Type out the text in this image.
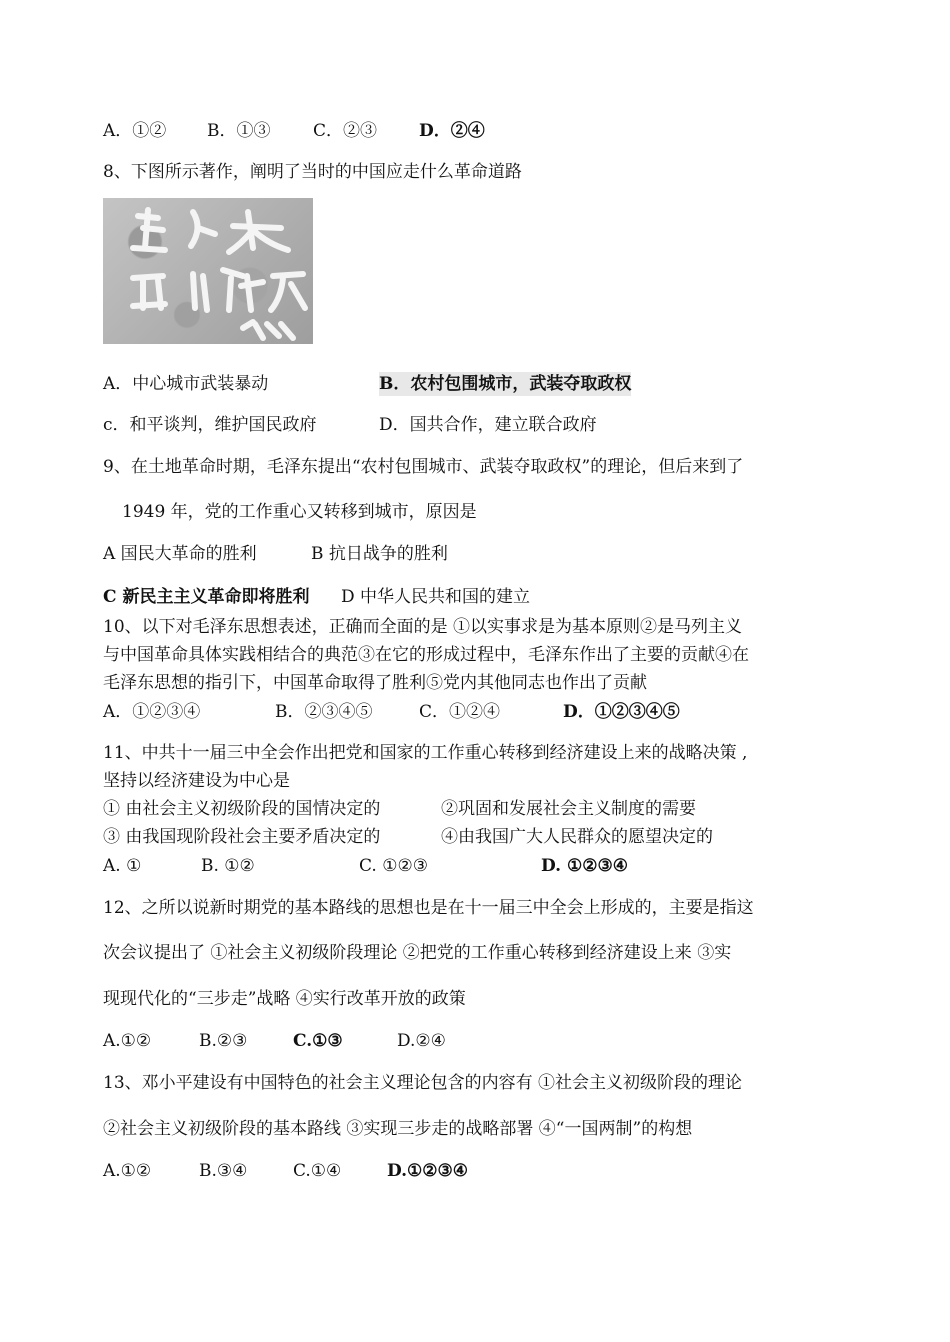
A．①② B．①③	C．②③ D．②④
8、下图所示著作，阐明了当时的中国应走什么革命道路
A．中心城市武装暴动	B．农村包围城市，武装夺取政权
c．和平谈判，维护国民政府	D．国共合作，建立联合政府
9、在土地革命时期，毛泽东提出“农村包围城市、武装夺取政权”的理论，但后来到了
1949 年，党的工作重心又转移到城市，原因是
A 国民大革命的胜利	B 抗日战争的胜利
C 新民主主义革命即将胜利 D 中华人民共和国的建立
10、以下对毛泽东思想表述，正确而全面的是 ①以实事求是为基本原则②是马列主义
与中国革命具体实践相结合的典范③在它的形成过程中，毛泽东作出了主要的贡献④在
毛泽东思想的指引下，中国革命取得了胜利⑤党内其他同志也作出了贡献
A．①②③④	B．②③④⑤	C．①②④	D．①②③④⑤
11、中共十一届三中全会作出把党和国家的工作重心转移到经济建设上来的战略决策 ,
坚持以经济建设为中心是
① 由社会主义初级阶段的国情决定的	②巩固和发展社会主义制度的需要
③ 由我国现阶段社会主要矛盾决定的	④由我国广大人民群众的愿望决定的
A. ①	B. ①②	C. ①②③	D. ①②③④
12、之所以说新时期党的基本路线的思想也是在十一届三中全会上形成的，主要是指这
次会议提出了 ①社会主义初级阶段理论 ②把党的工作重心转移到经济建设上来 ③实
现现代化的“三步走”战略 ④实行改革开放的政策
A.①②	B.②③	C.①③	D.②④
13、邓小平建设有中国特色的社会主义理论包含的内容有 ①社会主义初级阶段的理论
②社会主义初级阶段的基本路线 ③实现三步走的战略部署 ④“一国两制”的构想
A.①②	B.③④	C.①④	D.①②③④
